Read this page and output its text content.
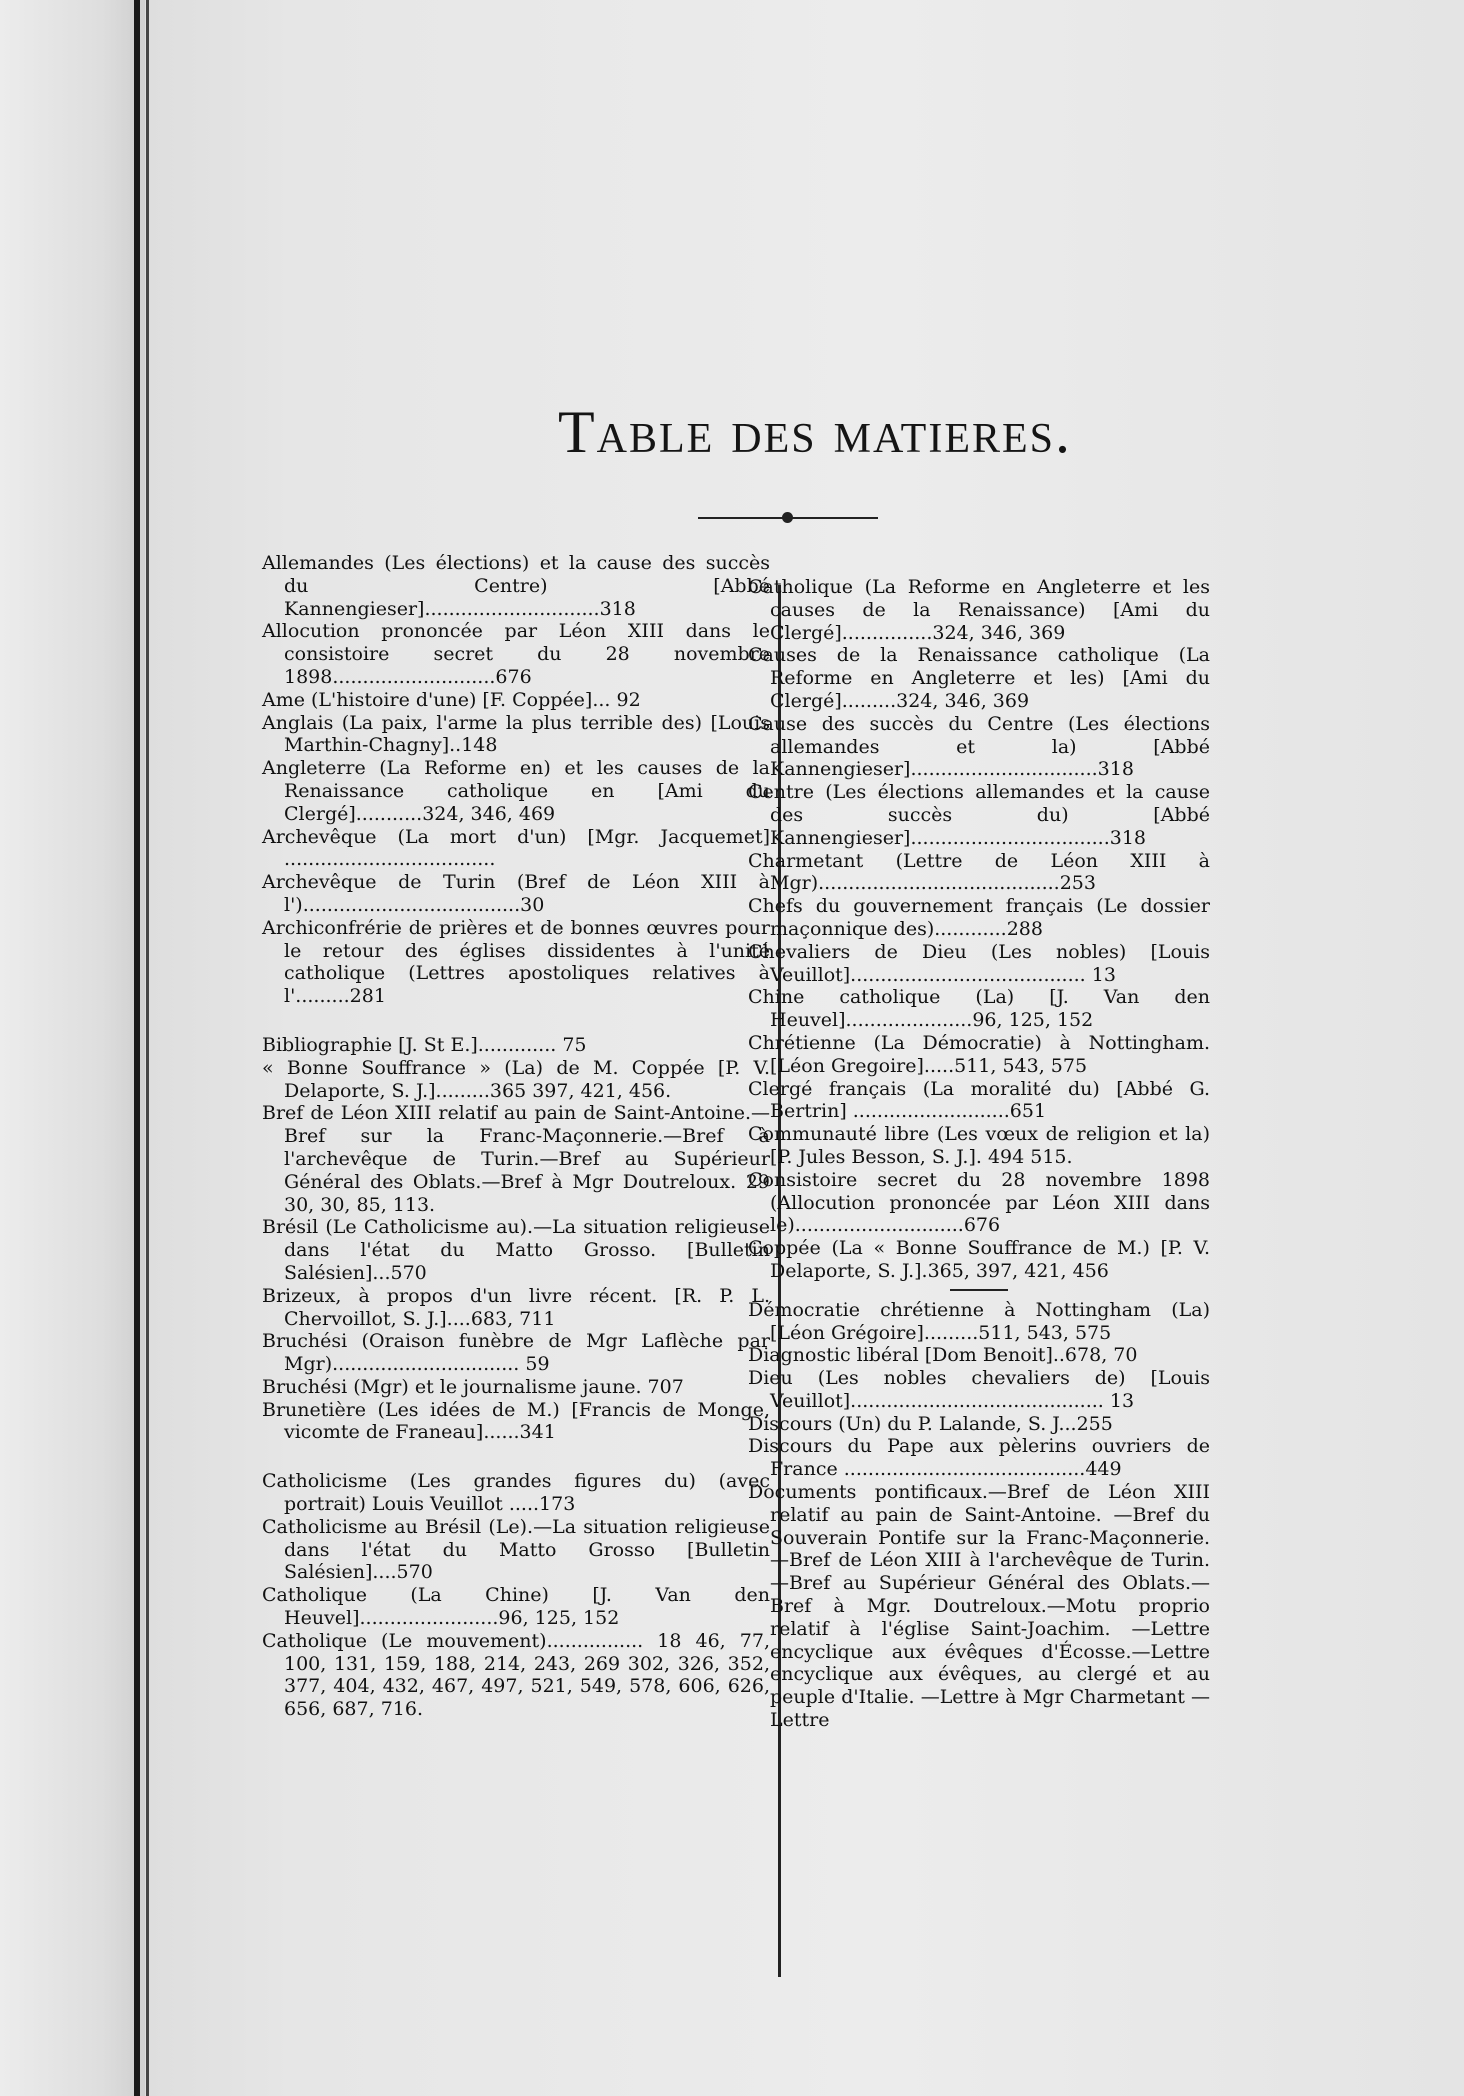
Table des matieres.
Allemandes (Les élections) et la cause des succès du Centre) [Abbé Kannengieser].............................318
Allocution prononcée par Léon XIII dans le consistoire secret du 28 novembre 1898...........................676
Ame (L'histoire d'une) [F. Coppée]... 92
Anglais (La paix, l'arme la plus terrible des) [Louis Marthin-Chagny]..148
Angleterre (La Reforme en) et les causes de la Renaissance catholique en [Ami du Clergé]...........324, 346, 469
Archevêque (La mort d'un) [Mgr. Jacquemet] ...................................
Archevêque de Turin (Bref de Léon XIII à l')....................................30
Archiconfrérie de prières et de bonnes œuvres pour le retour des églises dissidentes à l'unité catholique (Lettres apostoliques relatives à l'.........281
Bibliographie [J. St E.]............. 75
« Bonne Souffrance » (La) de M. Coppée [P. V. Delaporte, S. J.].........365 397, 421, 456.
Bref de Léon XIII relatif au pain de Saint-Antoine.—Bref sur la Franc-Maçonnerie.—Bref à l'archevêque de Turin.—Bref au Supérieur Général des Oblats.—Bref à Mgr Doutreloux. 29 30, 30, 85, 113.
Brésil (Le Catholicisme au).—La situation religieuse dans l'état du Matto Grosso. [Bulletin Salésien]...570
Brizeux, à propos d'un livre récent. [R. P. L. Chervoillot, S. J.]....683, 711
Bruchési (Oraison funèbre de Mgr Laflèche par Mgr)............................... 59
Bruchési (Mgr) et le journalisme jaune. 707
Brunetière (Les idées de M.) [Francis de Monge, vicomte de Franeau]......341
Catholicisme (Les grandes figures du) (avec portrait) Louis Veuillot .....173
Catholicisme au Brésil (Le).—La situation religieuse dans l'état du Matto Grosso [Bulletin Salésien]....570
Catholique (La Chine) [J. Van den Heuvel].......................96, 125, 152
Catholique (Le mouvement)................ 18 46, 77, 100, 131, 159, 188, 214, 243, 269 302, 326, 352, 377, 404, 432, 467, 497, 521, 549, 578, 606, 626, 656, 687, 716.
Catholique (La Reforme en Angleterre et les causes de la Renaissance) [Ami du Clergé]...............324, 346, 369
Causes de la Renaissance catholique (La Reforme en Angleterre et les) [Ami du Clergé].........324, 346, 369
Cause des succès du Centre (Les élections allemandes et la) [Abbé Kannengieser]...............................318
Centre (Les élections allemandes et la cause des succès du) [Abbé Kannengieser].................................318
Charmetant (Lettre de Léon XIII à Mgr)........................................253
Chefs du gouvernement français (Le dossier maçonnique des)............288
Chevaliers de Dieu (Les nobles) [Louis Veuillot]....................................... 13
Chine catholique (La) [J. Van den Heuvel].....................96, 125, 152
Chrétienne (La Démocratie) à Nottingham. [Léon Gregoire].....511, 543, 575
Clergé français (La moralité du) [Abbé G. Bertrin] ..........................651
Communauté libre (Les vœux de religion et la) [P. Jules Besson, S. J.]. 494 515.
Consistoire secret du 28 novembre 1898 (Allocution prononcée par Léon XIII dans le)............................676
Coppée (La « Bonne Souffrance de M.) [P. V. Delaporte, S. J.].365, 397, 421, 456
Démocratie chrétienne à Nottingham (La) [Léon Grégoire].........511, 543, 575
Diagnostic libéral [Dom Benoit]..678, 70
Dieu (Les nobles chevaliers de) [Louis Veuillot].......................................... 13
Discours (Un) du P. Lalande, S. J...255
Discours du Pape aux pèlerins ouvriers de France ........................................449
Documents pontificaux.—Bref de Léon XIII relatif au pain de Saint-Antoine. —Bref du Souverain Pontife sur la Franc-Maçonnerie. —Bref de Léon XIII à l'archevêque de Turin.—Bref au Supérieur Général des Oblats.—Bref à Mgr. Doutreloux.—Motu proprio relatif à l'église Saint-Joachim. —Lettre encyclique aux évêques d'Écosse.—Lettre encyclique aux évêques, au clergé et au peuple d'Italie. —Lettre à Mgr Charmetant —Lettre
